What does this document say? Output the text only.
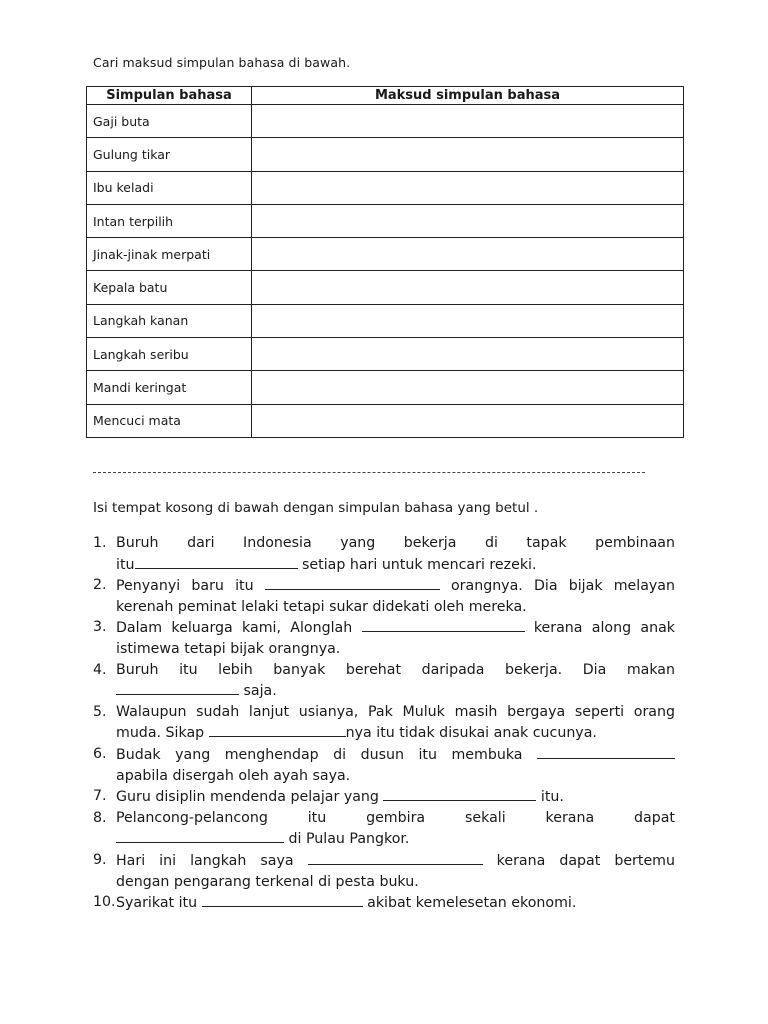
Cari maksud simpulan bahasa di bawah.
Simpulan bahasa	Maksud simpulan bahasa
Gaji buta	
Gulung tikar	
Ibu keladi	
Intan terpilih	
Jinak-jinak merpati	
Kepala batu	
Langkah kanan	
Langkah seribu	
Mandi keringat	
Mencuci mata	
Isi tempat kosong di bawah dengan simpulan bahasa yang betul .
1. Buruh dari Indonesia yang bekerja di tapak pembinaan
itu	setiap hari untuk mencari rezeki.
2. Penyanyi baru itu	orangnya. Dia bijak melayan
kerenah peminat lelaki tetapi sukar didekati oleh mereka.
3. Dalam keluarga kami, Alonglah	kerana along anak
istimewa tetapi bijak orangnya.
4. Buruh itu lebih banyak berehat daripada bekerja. Dia makan
saja.
5. Walaupun sudah lanjut usianya, Pak Muluk masih bergaya seperti orang
muda. Sikap	nya itu tidak disukai anak cucunya.
6. Budak yang menghendap di dusun itu membuka
apabila disergah oleh ayah saya.
7. Guru disiplin mendenda pelajar yang	itu.
8. Pelancong-pelancong itu gembira sekali kerana dapat
di Pulau Pangkor.
9. Hari ini langkah saya	kerana dapat bertemu
dengan pengarang terkenal di pesta buku.
10. Syarikat itu	akibat kemelesetan ekonomi.
